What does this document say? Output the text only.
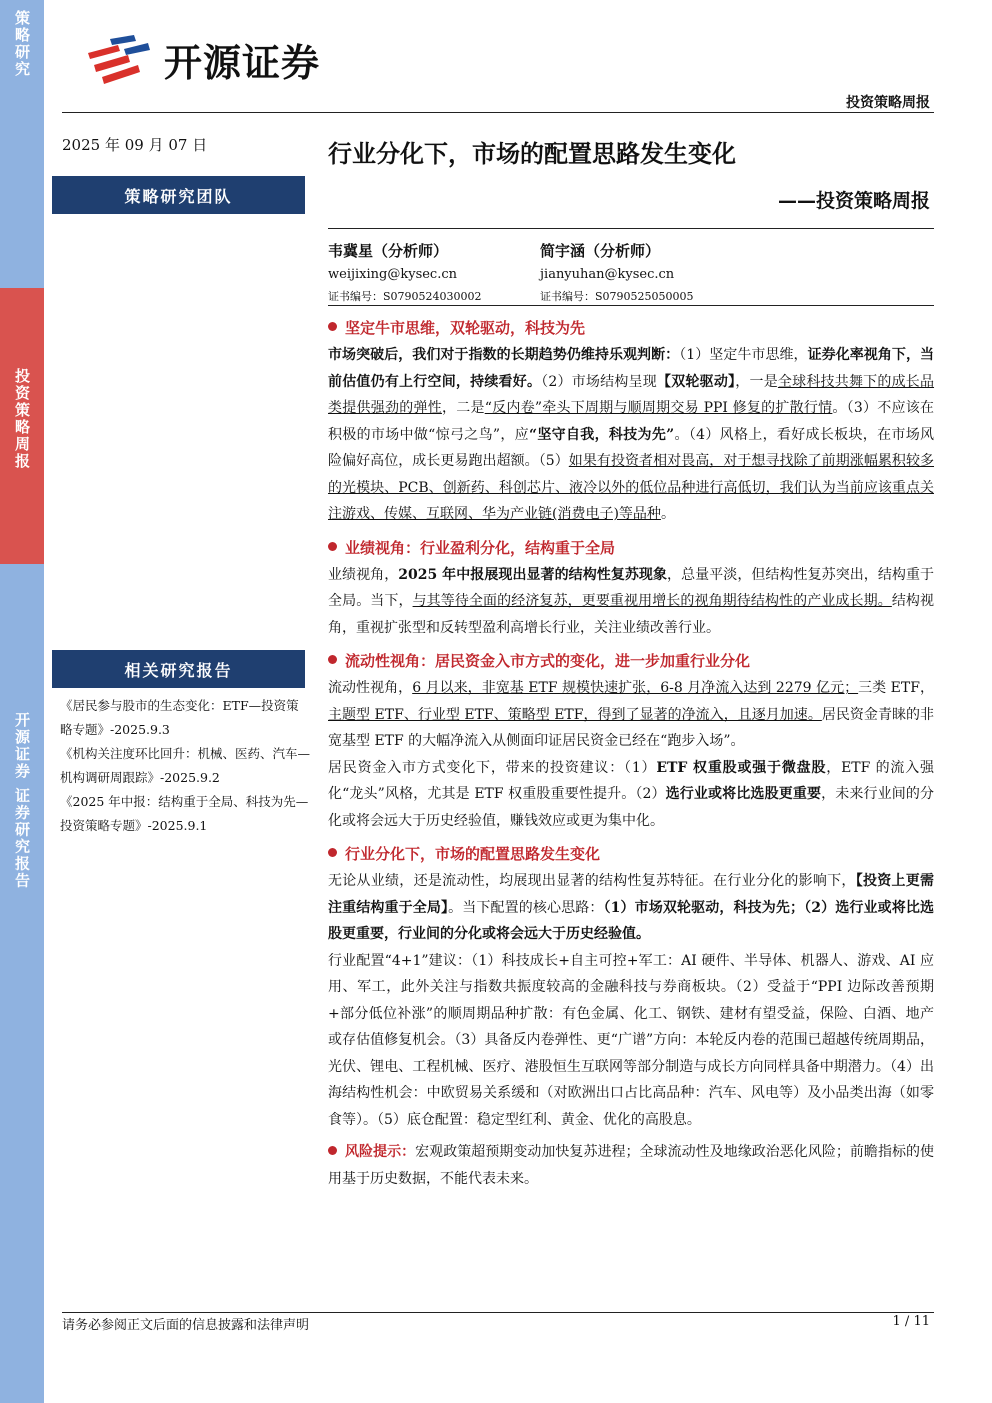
策略研究
投资策略周报
开源证券 证券研究报告
开源证券
投资策略周报
2025 年 09 月 07 日
策略研究团队
相关研究报告
《居民参与股市的生态变化：ETF—投资策略专题》-2025.9.3
《机构关注度环比回升：机械、医药、汽车—机构调研周跟踪》-2025.9.2
《2025 年中报：结构重于全局、科技为先—投资策略专题》-2025.9.1
行业分化下，市场的配置思路发生变化
——投资策略周报
韦冀星（分析师）
weijixing@kysec.cn
证书编号：S0790524030002
简宇涵（分析师）
jianyuhan@kysec.cn
证书编号：S0790525050005
坚定牛市思维，双轮驱动，科技为先

市场突破后，我们对于指数的长期趋势仍维持乐观判断：（1）坚定牛市思维，证券化率视角下，当前估值仍有上行空间，持续看好。（2）市场结构呈现【双轮驱动】，一是全球科技共舞下的成长品类提供强劲的弹性，二是“反内卷”牵头下周期与顺周期交易 PPI 修复的扩散行情。（3）不应该在积极的市场中做“惊弓之鸟”，应“坚守自我，科技为先”。（4）风格上，看好成长板块，在市场风险偏好高位，成长更易跑出超额。（5）如果有投资者相对畏高，对于想寻找除了前期涨幅累积较多的光模块、PCB、创新药、科创芯片、液冷以外的低位品种进行高低切，我们认为当前应该重点关注游戏、传媒、互联网、华为产业链(消费电子)等品种。

业绩视角：行业盈利分化，结构重于全局

业绩视角，2025 年中报展现出显著的结构性复苏现象，总量平淡，但结构性复苏突出，结构重于全局。当下，与其等待全面的经济复苏，更要重视用增长的视角期待结构性的产业成长期。结构视角，重视扩张型和反转型盈利高增长行业，关注业绩改善行业。

流动性视角：居民资金入市方式的变化，进一步加重行业分化

流动性视角，6 月以来，非宽基 ETF 规模快速扩张，6-8 月净流入达到 2279 亿元；三类 ETF，主题型 ETF、行业型 ETF、策略型 ETF，得到了显著的净流入，且逐月加速。居民资金青睐的非宽基型 ETF 的大幅净流入从侧面印证居民资金已经在“跑步入场”。

居民资金入市方式变化下，带来的投资建议：（1）ETF 权重股或强于微盘股，ETF 的流入强化“龙头”风格，尤其是 ETF 权重股重要性提升。（2）选行业或将比选股更重要，未来行业间的分化或将会远大于历史经验值，赚钱效应或更为集中化。

行业分化下，市场的配置思路发生变化

无论从业绩，还是流动性，均展现出显著的结构性复苏特征。在行业分化的影响下，【投资上更需注重结构重于全局】。当下配置的核心思路：（1）市场双轮驱动，科技为先；（2）选行业或将比选股更重要，行业间的分化或将会远大于历史经验值。

行业配置“4+1”建议：（1）科技成长+自主可控+军工：AI 硬件、半导体、机器人、游戏、AI 应用、军工，此外关注与指数共振度较高的金融科技与券商板块。（2）受益于“PPI 边际改善预期+部分低位补涨”的顺周期品种扩散：有色金属、化工、钢铁、建材有望受益，保险、白酒、地产或存估值修复机会。（3）具备反内卷弹性、更“广谱”方向：本轮反内卷的范围已超越传统周期品，光伏、锂电、工程机械、医疗、港股恒生互联网等部分制造与成长方向同样具备中期潜力。（4）出海结构性机会：中欧贸易关系缓和（对欧洲出口占比高品种：汽车、风电等）及小品类出海（如零食等）。（5）底仓配置：稳定型红利、黄金、优化的高股息。

风险提示：宏观政策超预期变动加快复苏进程；全球流动性及地缘政治恶化风险；前瞻指标的使用基于历史数据，不能代表未来。

请务必参阅正文后面的信息披露和法律声明	1 / 11
